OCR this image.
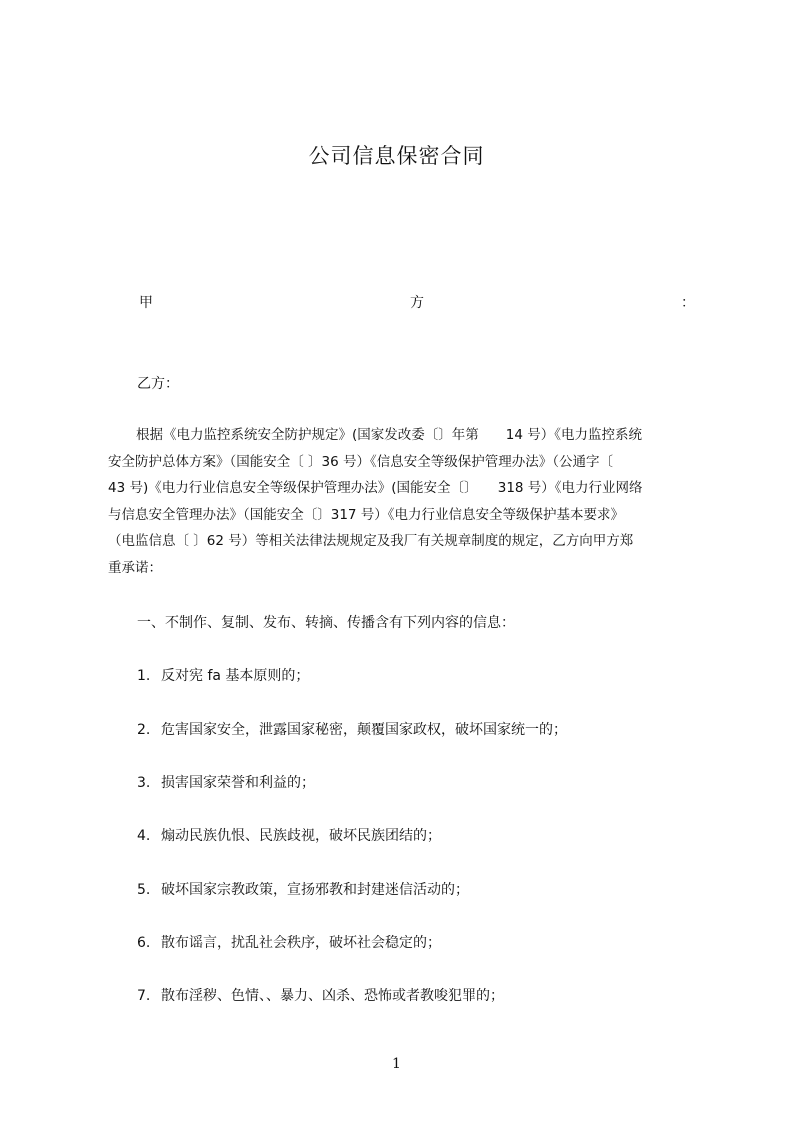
公司信息保密合同
甲	方	：
乙方：
根据《电力监控系统安全防护规定》(国家发改委〔〕年第　　14 号）《电力监控系统
安全防护总体方案》（国能安全〔 〕36 号）《信息安全等级保护管理办法》（公通字〔
43 号)《电力行业信息安全等级保护管理办法》(国能安全〔〕　　318 号）《电力行业网络
与信息安全管理办法》（国能安全〔〕317 号）《电力行业信息安全等级保护基本要求》
（电监信息〔 〕62 号）等相关法律法规规定及我厂有关规章制度的规定，乙方向甲方郑
重承诺：
一、不制作、复制、发布、转摘、传播含有下列内容的信息：
1. 反对宪 fa 基本原则的；
2. 危害国家安全，泄露国家秘密，颠覆国家政权，破坏国家统一的；
3. 损害国家荣誉和利益的；
4. 煽动民族仇恨、民族歧视，破坏民族团结的；
5. 破坏国家宗教政策，宣扬邪教和封建迷信活动的；
6. 散布谣言，扰乱社会秩序，破坏社会稳定的；
7. 散布淫秽、色情、、暴力、凶杀、恐怖或者教唆犯罪的；
1
